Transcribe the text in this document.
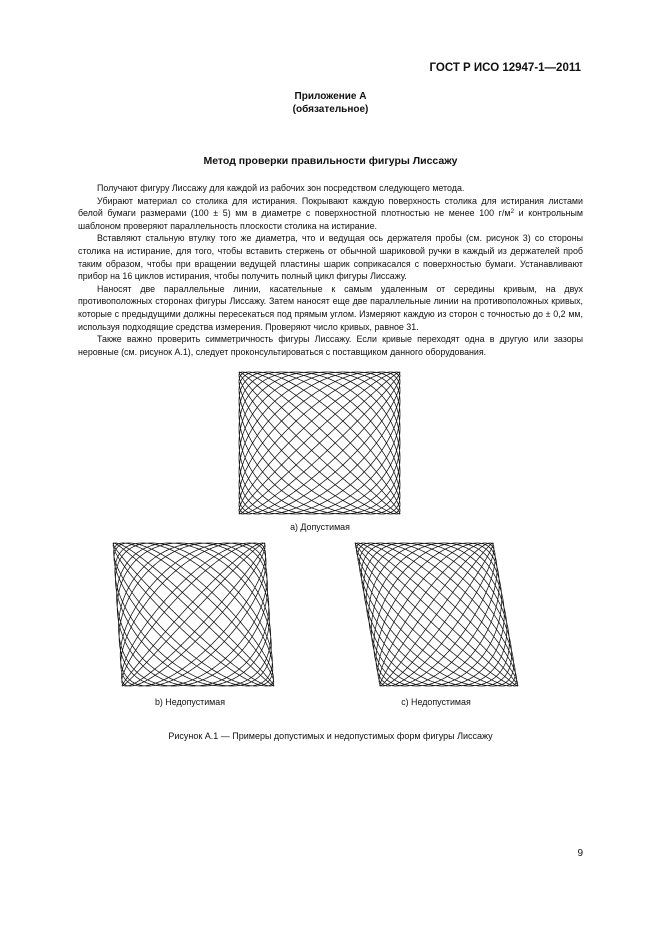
ГОСТ Р ИСО 12947-1—2011
Приложение А
(обязательное)
Метод проверки правильности фигуры Лиссажу

Получают фигуру Лиссажу для каждой из рабочих зон посредством следующего метода.

Убирают материал со столика для истирания. Покрывают каждую поверхность столика для истирания листами белой бумаги размерами (100 ± 5) мм в диаметре с поверхностной плотностью не менее 100 $г/м^2$ и контрольным шаблоном проверяют параллельность плоскости столика на истирание.

Вставляют стальную втулку того же диаметра, что и ведущая ось держателя пробы (см. рисунок 3) со стороны столика на истирание, для того, чтобы вставить стержень от обычной шариковой ручки в каждый из держателей проб таким образом, чтобы при вращении ведущей пластины шарик соприкасался с поверхностью бумаги. Устанавливают прибор на 16 циклов истирания, чтобы получить полный цикл фигуры Лиссажу.

Наносят две параллельные линии, касательные к самым удаленным от середины кривым, на двух противоположных сторонах фигуры Лиссажу. Затем наносят еще две параллельные линии на противоположных кривых, которые с предыдущими должны пересекаться под прямым углом. Измеряют каждую из сторон с точностью до ± 0,2 мм, используя подходящие средства измерения. Проверяют число кривых, равное 31.

Также важно проверить симметричность фигуры Лиссажу. Если кривые переходят одна в другую или зазоры неровные (см. рисунок А.1), следует проконсультироваться с поставщиком данного оборудования.

а) Допустимая
b) Недопустимая	с) Недопустимая
Рисунок А.1 — Примеры допустимых и недопустимых форм фигуры Лиссажу
9
